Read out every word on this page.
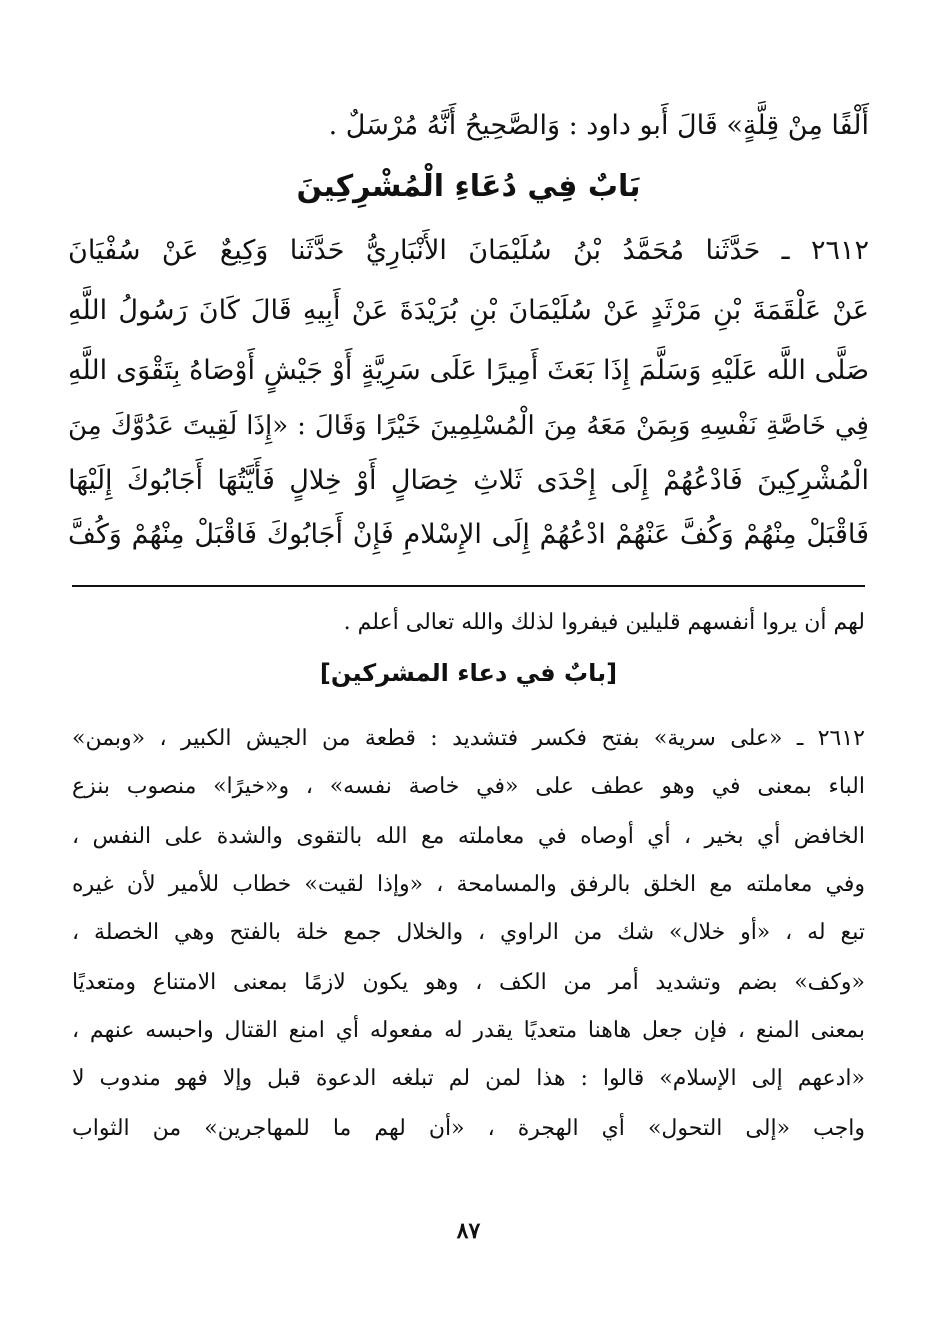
أَلْفًا مِنْ قِلَّةٍ» قَالَ أَبو داود : وَالصَّحِيحُ أَنَّهُ مُرْسَلٌ .
بَابٌ فِي دُعَاءِ الْمُشْرِكِينَ
٢٦١٢ ـ حَدَّثَنا مُحَمَّدُ بْنُ سُلَيْمَانَ الأَنْبَارِيُّ حَدَّثَنا وَكِيعٌ عَنْ سُفْيَانَ
عَنْ عَلْقَمَةَ بْنِ مَرْثَدٍ عَنْ سُلَيْمَانَ بْنِ بُرَيْدَةَ عَنْ أَبِيهِ قَالَ كَانَ رَسُولُ اللَّهِ
صَلَّى اللَّه عَلَيْهِ وَسَلَّمَ إِذَا بَعَثَ أَمِيرًا عَلَى سَرِيَّةٍ أَوْ جَيْشٍ أَوْصَاهُ بِتَقْوَى اللَّهِ
فِي خَاصَّةِ نَفْسِهِ وَبِمَنْ مَعَهُ مِنَ الْمُسْلِمِينَ خَيْرًا وَقَالَ : «إِذَا لَقِيتَ عَدُوَّكَ مِنَ
الْمُشْرِكِينَ فَادْعُهُمْ إِلَى إِحْدَى ثَلاثِ خِصَالٍ أَوْ خِلالٍ فَأَيَّتُهَا أَجَابُوكَ إِلَيْهَا
فَاقْبَلْ مِنْهُمْ وَكُفَّ عَنْهُمْ ادْعُهُمْ إِلَى الإِسْلامِ فَإِنْ أَجَابُوكَ فَاقْبَلْ مِنْهُمْ وَكُفَّ
لهم أن يروا أنفسهم قليلين فيفروا لذلك والله تعالى أعلم .
[بابٌ في دعاء المشركين]
٢٦١٢ ـ «على سرية» بفتح فكسر فتشديد : قطعة من الجيش الكبير ، «وبمن»
الباء بمعنى في وهو عطف على «في خاصة نفسه» ، و«خيرًا» منصوب بنزع
الخافض أي بخير ، أي أوصاه في معاملته مع الله بالتقوى والشدة على النفس ،
وفي معاملته مع الخلق بالرفق والمسامحة ، «وإذا لقيت» خطاب للأمير لأن غيره
تبع له ، «أو خلال» شك من الراوي ، والخلال جمع خلة بالفتح وهي الخصلة ،
«وكف» بضم وتشديد أمر من الكف ، وهو يكون لازمًا بمعنى الامتناع ومتعديًا
بمعنى المنع ، فإن جعل هاهنا متعديًا يقدر له مفعوله أي امنع القتال واحبسه عنهم ،
«ادعهم إلى الإسلام» قالوا : هذا لمن لم تبلغه الدعوة قبل وإلا فهو مندوب لا
واجب «إلى التحول» أي الهجرة ، «أن لهم ما للمهاجرين» من الثواب
٨٧
